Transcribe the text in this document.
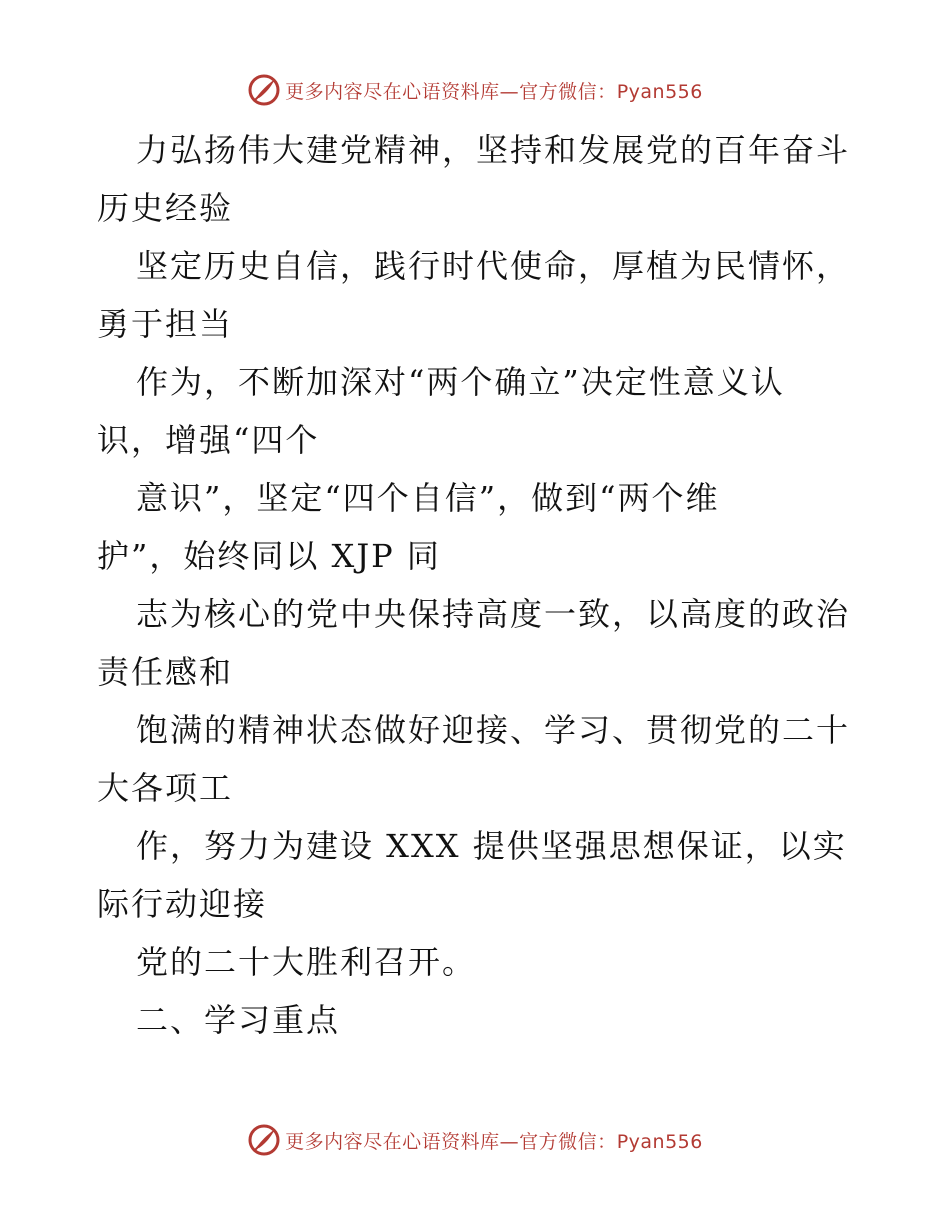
更多内容尽在心语资料库—官方微信：Pyan556
力弘扬伟大建党精神，坚持和发展党的百年奋斗
历史经验
坚定历史自信，践行时代使命，厚植为民情怀，
勇于担当
作为，不断加深对“两个确立”决定性意义认
识，增强“四个
意识”，坚定“四个自信”，做到“两个维
护”，始终同以 XJP 同
志为核心的党中央保持高度一致，以高度的政治
责任感和
饱满的精神状态做好迎接、学习、贯彻党的二十
大各项工
作，努力为建设 XXX 提供坚强思想保证，以实
际行动迎接
党的二十大胜利召开。
二、学习重点
更多内容尽在心语资料库—官方微信：Pyan556
